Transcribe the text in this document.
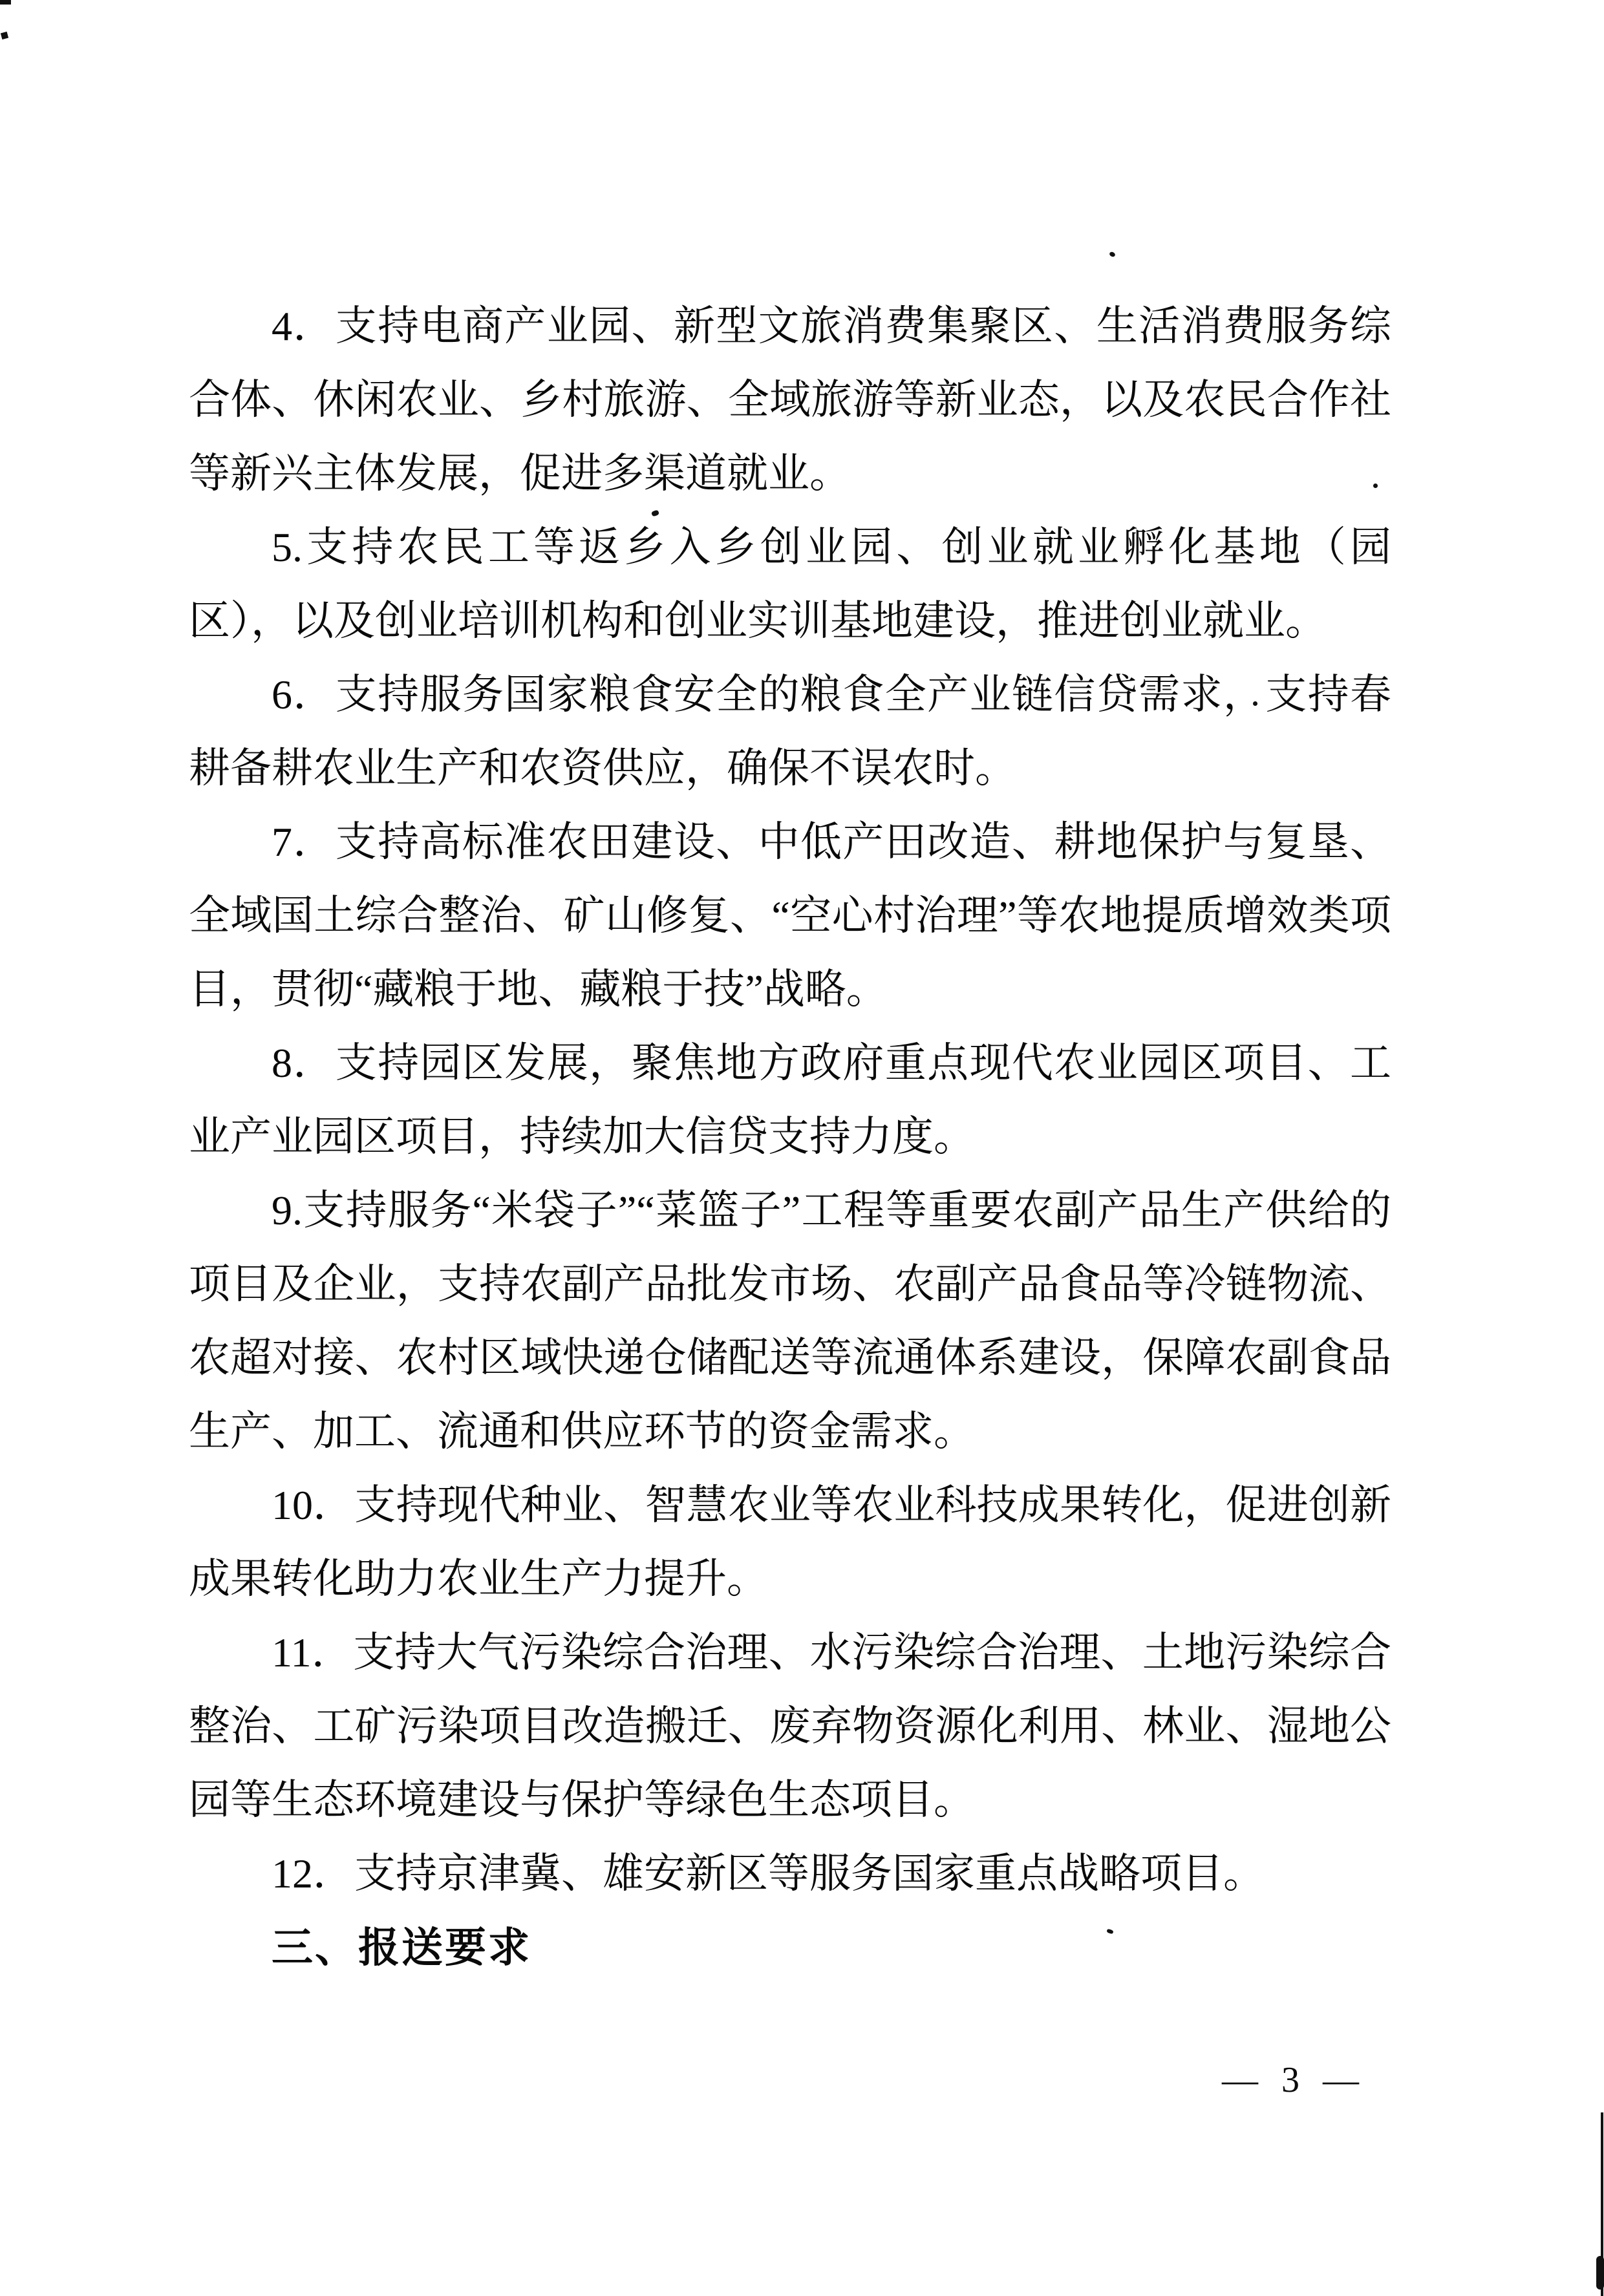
4．支持电商产业园、新型文旅消费集聚区、生活消费服务综合体、休闲农业、乡村旅游、全域旅游等新业态，以及农民合作社等新兴主体发展，促进多渠道就业。

5.支持农民工等返乡入乡创业园、创业就业孵化基地（园区），以及创业培训机构和创业实训基地建设，推进创业就业。

6．支持服务国家粮食安全的粮食全产业链信贷需求，支持春耕备耕农业生产和农资供应，确保不误农时。

7．支持高标准农田建设、中低产田改造、耕地保护与复垦、全域国土综合整治、矿山修复、“空心村治理”等农地提质增效类项目，贯彻“藏粮于地、藏粮于技”战略。

8．支持园区发展，聚焦地方政府重点现代农业园区项目、工业产业园区项目，持续加大信贷支持力度。

9.支持服务“米袋子”“菜篮子”工程等重要农副产品生产供给的项目及企业，支持农副产品批发市场、农副产品食品等冷链物流、农超对接、农村区域快递仓储配送等流通体系建设，保障农副食品生产、加工、流通和供应环节的资金需求。

10．支持现代种业、智慧农业等农业科技成果转化，促进创新成果转化助力农业生产力提升。

11．支持大气污染综合治理、水污染综合治理、土地污染综合整治、工矿污染项目改造搬迁、废弃物资源化利用、林业、湿地公园等生态环境建设与保护等绿色生态项目。

12．支持京津冀、雄安新区等服务国家重点战略项目。

三、报送要求
— 3 —
